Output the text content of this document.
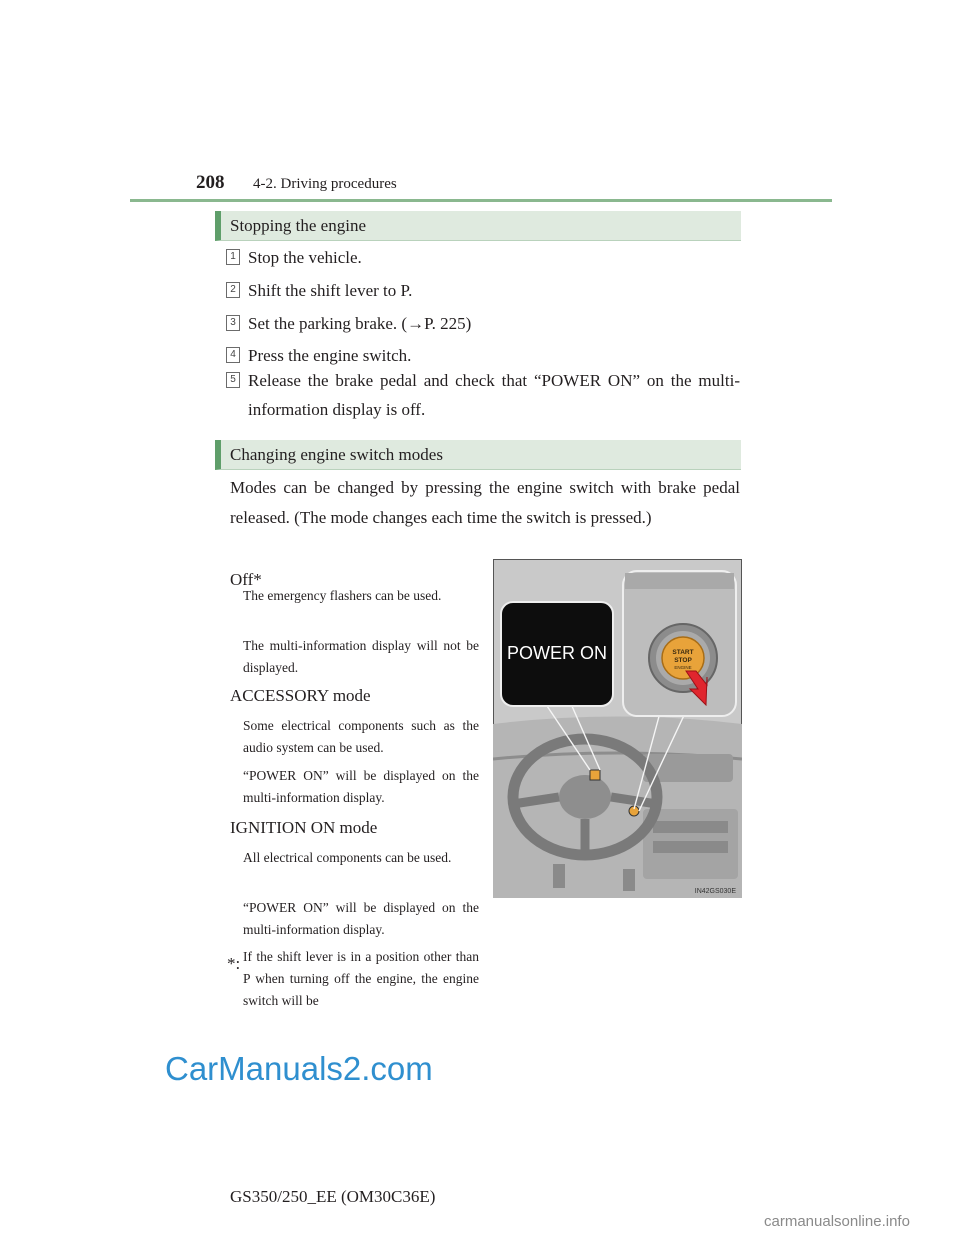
208 4-2. Driving procedures
Stopping the engine
1 Stop the vehicle.
2 Shift the shift lever to P.
3 Set the parking brake. (→P. 225)
4 Press the engine switch.
5 Release the brake pedal and check that “POWER ON” on the multi-information display is off.
Changing engine switch modes
Modes can be changed by pressing the engine switch with brake pedal released. (The mode changes each time the switch is pressed.)
Off*
The emergency flashers can be used.
The multi-information display will not be displayed.
ACCESSORY mode
Some electrical components such as the audio system can be used.
“POWER ON” will be displayed on the multi-information display.
IGNITION ON mode
All electrical components can be used.
“POWER ON” will be displayed on the multi-information display.
*: If the shift lever is in a position other than P when turning off the engine, the engine switch will be
POWER ON	START
STOP
ENGINE
IN42GS030E
CarManuals2.com
GS350/250_EE (OM30C36E)
carmanualsonline.info
